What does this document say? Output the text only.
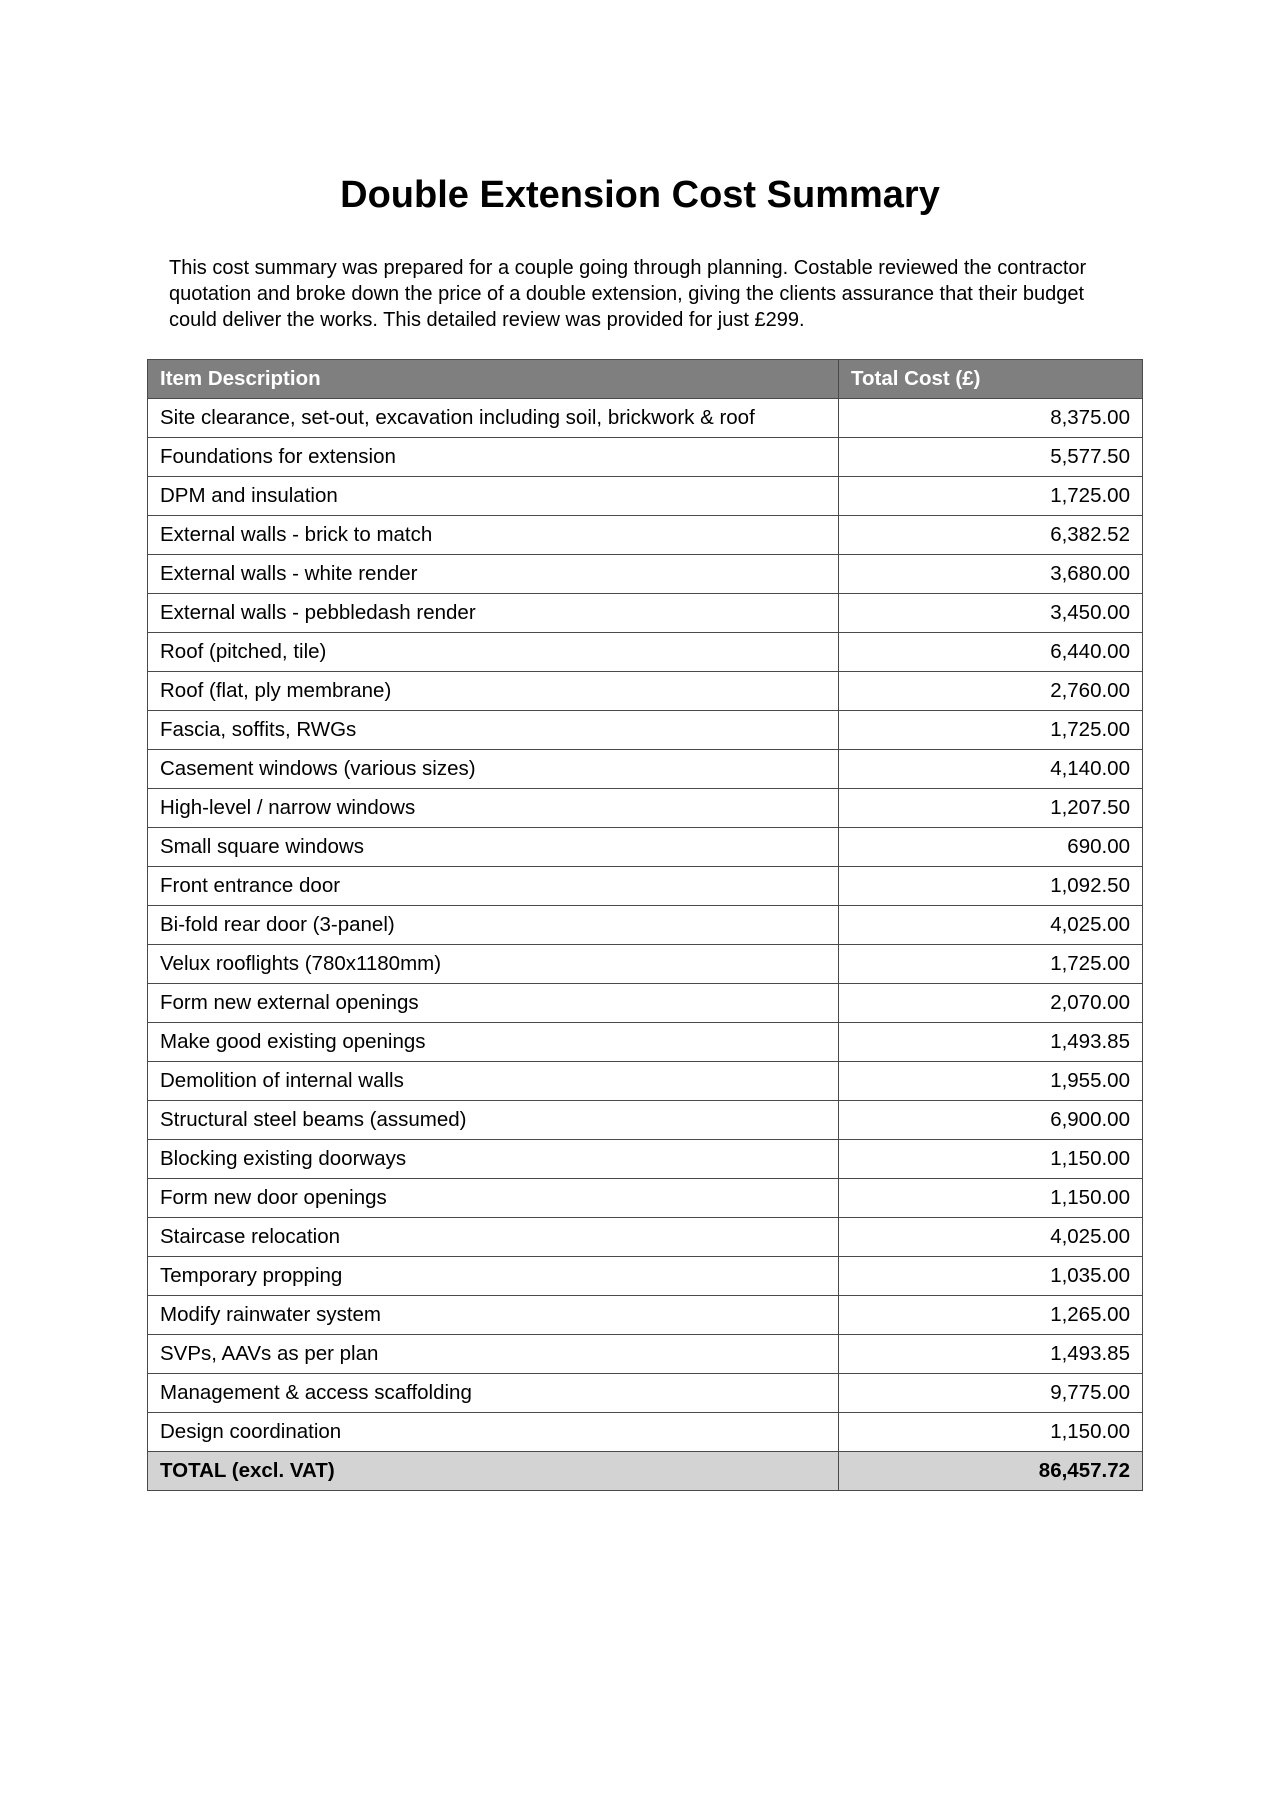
Double Extension Cost Summary

This cost summary was prepared for a couple going through planning. Costable reviewed the contractor quotation and broke down the price of a double extension, giving the clients assurance that their budget could deliver the works. This detailed review was provided for just £299.

Item Description	Total Cost (£)
Site clearance, set-out, excavation including soil, brickwork & roof	8,375.00
Foundations for extension	5,577.50
DPM and insulation	1,725.00
External walls - brick to match	6,382.52
External walls - white render	3,680.00
External walls - pebbledash render	3,450.00
Roof (pitched, tile)	6,440.00
Roof (flat, ply membrane)	2,760.00
Fascia, soffits, RWGs	1,725.00
Casement windows (various sizes)	4,140.00
High-level / narrow windows	1,207.50
Small square windows	690.00
Front entrance door	1,092.50
Bi-fold rear door (3-panel)	4,025.00
Velux rooflights (780x1180mm)	1,725.00
Form new external openings	2,070.00
Make good existing openings	1,493.85
Demolition of internal walls	1,955.00
Structural steel beams (assumed)	6,900.00
Blocking existing doorways	1,150.00
Form new door openings	1,150.00
Staircase relocation	4,025.00
Temporary propping	1,035.00
Modify rainwater system	1,265.00
SVPs, AAVs as per plan	1,493.85
Management & access scaffolding	9,775.00
Design coordination	1,150.00
TOTAL (excl. VAT)	86,457.72
